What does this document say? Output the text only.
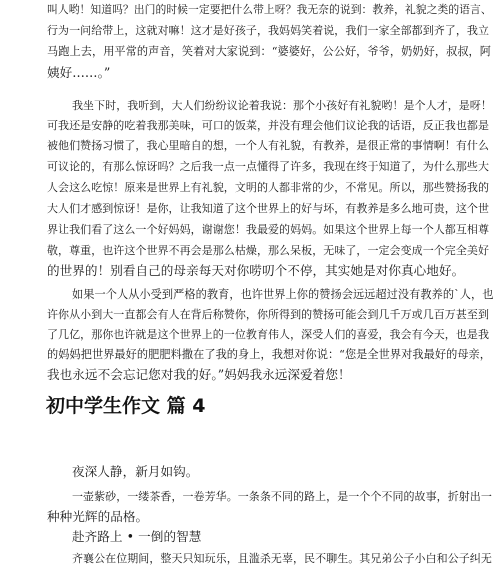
叫人哟！知道吗？出门的时候一定要把什么带上呀？我无奈的说到：教养，礼貌之类的语言、
行为一问给带上，这就对嘛！这才是好孩子，我妈妈笑着说，我们一家全部都到齐了，我立
马跑上去，用平常的声音，笑着对大家说到：“婆婆好，公公好，爷爷，奶奶好，叔叔，阿
姨好……。”
我坐下时，我听到，大人们纷纷议论着我说：那个小孩好有礼貌哟！是个人才，是呀！
可我还是安静的吃着我那美味，可口的饭菜，并没有理会他们议论我的话语，反正我也都是
被他们赞扬习惯了，我心里暗自的想，一个人有礼貌，有教养，是很正常的事情啊！有什么
可议论的，有那么惊讶吗？之后我一点一点懂得了许多，我现在终于知道了，为什么那些大
人会这么吃惊！原来是世界上有礼貌，文明的人都非常的少，不常见。所以，那些赞扬我的
大人们才感到惊讶！是你，让我知道了这个世界上的好与坏，有教养是多么地可贵，这个世
界让我们看了这么一个好妈妈，谢谢您！我最爱的妈妈。如果这个世界上每一个人都互相尊
敬，尊重，也许这个世界不再会是那么枯燥，那么呆板，无味了，一定会变成一个完全美好
的世界的！别看自己的母亲每天对你唠叨个不停，其实她是对你真心地好。
如果一个人从小受到严格的教育，也许世界上你的赞扬会远远超过没有教养的`人，也
许你从小到大一直都会有人在背后称赞你，你所得到的赞扬可能会到几千万或几百万甚至到
了几亿，那你也许就是这个世界上的一位教育伟人，深受人们的喜爱，我会有今天，也是我
的妈妈把世界最好的肥肥料撒在了我的身上，我想对你说：“您是全世界对我最好的母亲，
我也永远不会忘记您对我的好。”妈妈我永远深爱着您！
初中学生作文 篇 4
夜深人静，新月如钩。
一壶紫砂，一缕茶香，一卷芳华。一条条不同的路上，是一个个不同的故事，折射出一
种种光辉的品格。
赴齐路上 • 一倒的智慧
齐襄公在位期间，整天只知玩乐，且滥杀无辜，民不聊生。其兄弟公子小白和公子纠无
